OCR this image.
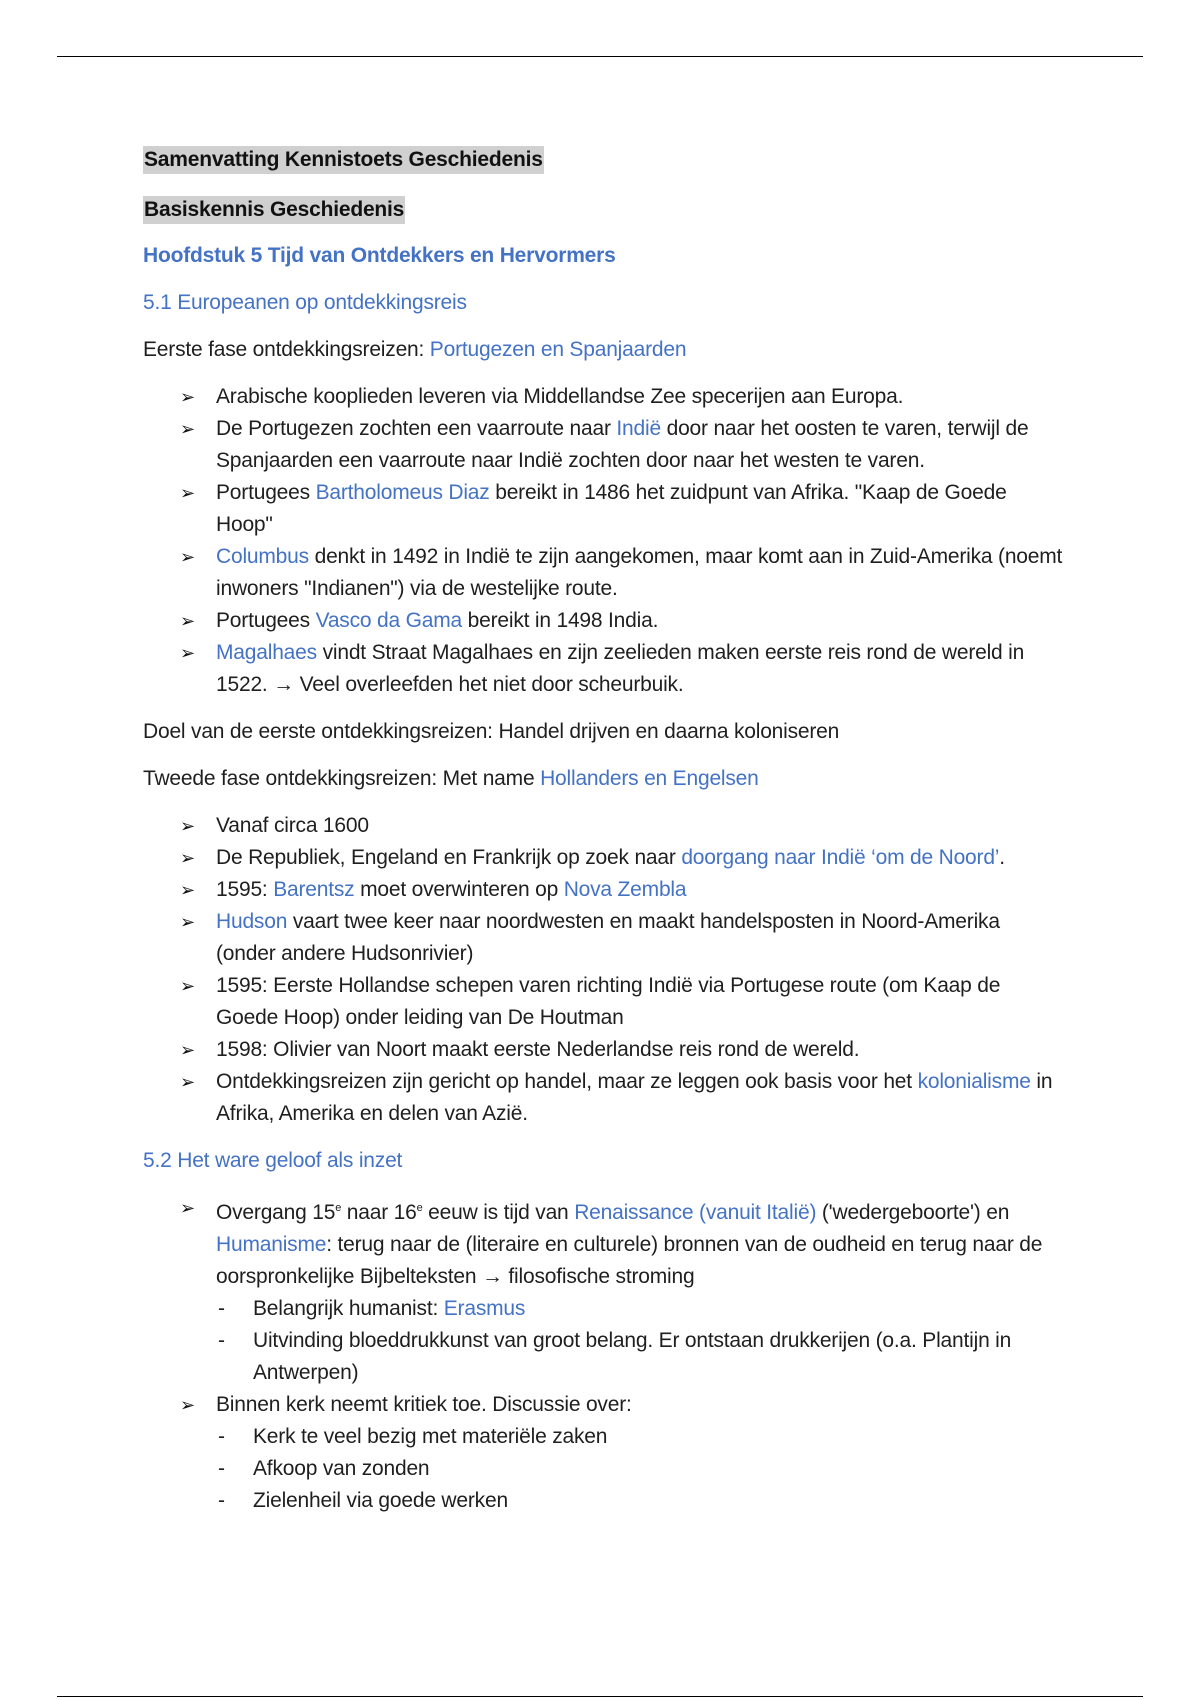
Samenvatting Kennistoets Geschiedenis
Basiskennis Geschiedenis
Hoofdstuk 5 Tijd van Ontdekkers en Hervormers
5.1 Europeanen op ontdekkingsreis
Eerste fase ontdekkingsreizen: Portugezen en Spanjaarden
➢ Arabische kooplieden leveren via Middellandse Zee specerijen aan Europa.
➢ De Portugezen zochten een vaarroute naar Indië door naar het oosten te varen, terwijl de Spanjaarden een vaarroute naar Indië zochten door naar het westen te varen.
➢ Portugees Bartholomeus Diaz bereikt in 1486 het zuidpunt van Afrika. "Kaap de Goede Hoop"
➢ Columbus denkt in 1492 in Indië te zijn aangekomen, maar komt aan in Zuid-Amerika (noemt inwoners "Indianen") via de westelijke route.
➢ Portugees Vasco da Gama bereikt in 1498 India.
➢ Magalhaes vindt Straat Magalhaes en zijn zeelieden maken eerste reis rond de wereld in 1522. → Veel overleefden het niet door scheurbuik.
Doel van de eerste ontdekkingsreizen: Handel drijven en daarna koloniseren
Tweede fase ontdekkingsreizen: Met name Hollanders en Engelsen
➢ Vanaf circa 1600
➢ De Republiek, Engeland en Frankrijk op zoek naar doorgang naar Indië ‘om de Noord’.
➢ 1595: Barentsz moet overwinteren op Nova Zembla
➢ Hudson vaart twee keer naar noordwesten en maakt handelsposten in Noord-Amerika (onder andere Hudsonrivier)
➢ 1595: Eerste Hollandse schepen varen richting Indië via Portugese route (om Kaap de Goede Hoop) onder leiding van De Houtman
➢ 1598: Olivier van Noort maakt eerste Nederlandse reis rond de wereld.
➢ Ontdekkingsreizen zijn gericht op handel, maar ze leggen ook basis voor het kolonialisme in Afrika, Amerika en delen van Azië.
5.2 Het ware geloof als inzet
➢ Overgang 15e naar 16e eeuw is tijd van Renaissance (vanuit Italië) ('wedergeboorte') en Humanisme: terug naar de (literaire en culturele) bronnen van de oudheid en terug naar de oorspronkelijke Bijbelteksten → filosofische stroming
- Belangrijk humanist: Erasmus
- Uitvinding bloeddrukkunst van groot belang. Er ontstaan drukkerijen (o.a. Plantijn in Antwerpen)
➢ Binnen kerk neemt kritiek toe. Discussie over:
- Kerk te veel bezig met materiële zaken
- Afkoop van zonden
- Zielenheil via goede werken
